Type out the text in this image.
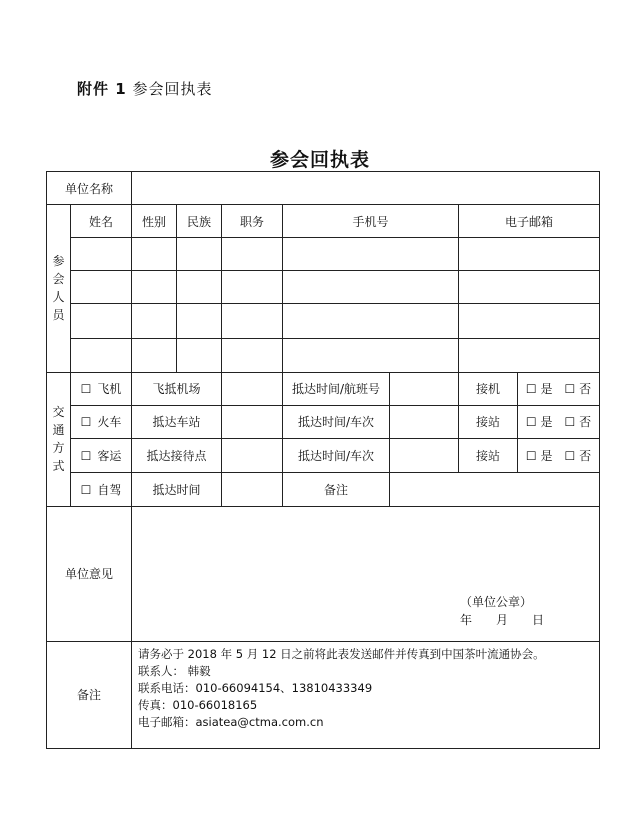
附件 1 参会回执表
参会回执表
单位名称								
参
会
人
员	姓名	性别	民族	职务	手机号		电子邮箱	

交
通
方
式	☐ 飞机	飞抵机场			抵达时间/航班号		接机	☐ 是 ☐ 否
	☐ 火车	抵达车站			抵达时间/车次		接站	☐ 是 ☐ 否
	☐ 客运	抵达接待点			抵达时间/车次		接站	☐ 是 ☐ 否
	☐ 自驾	抵达时间			备注			
单位意见		（单位公章）
年 月 日						

备注		请务必于 2018 年 5 月 12 日之前将此表发送邮件并传真到中国茶叶流通协会。
联系人： 韩毅
联系电话：010-66094154、13810433349
传真：010-66018165
电子邮箱：asiatea@ctma.com.cn						
